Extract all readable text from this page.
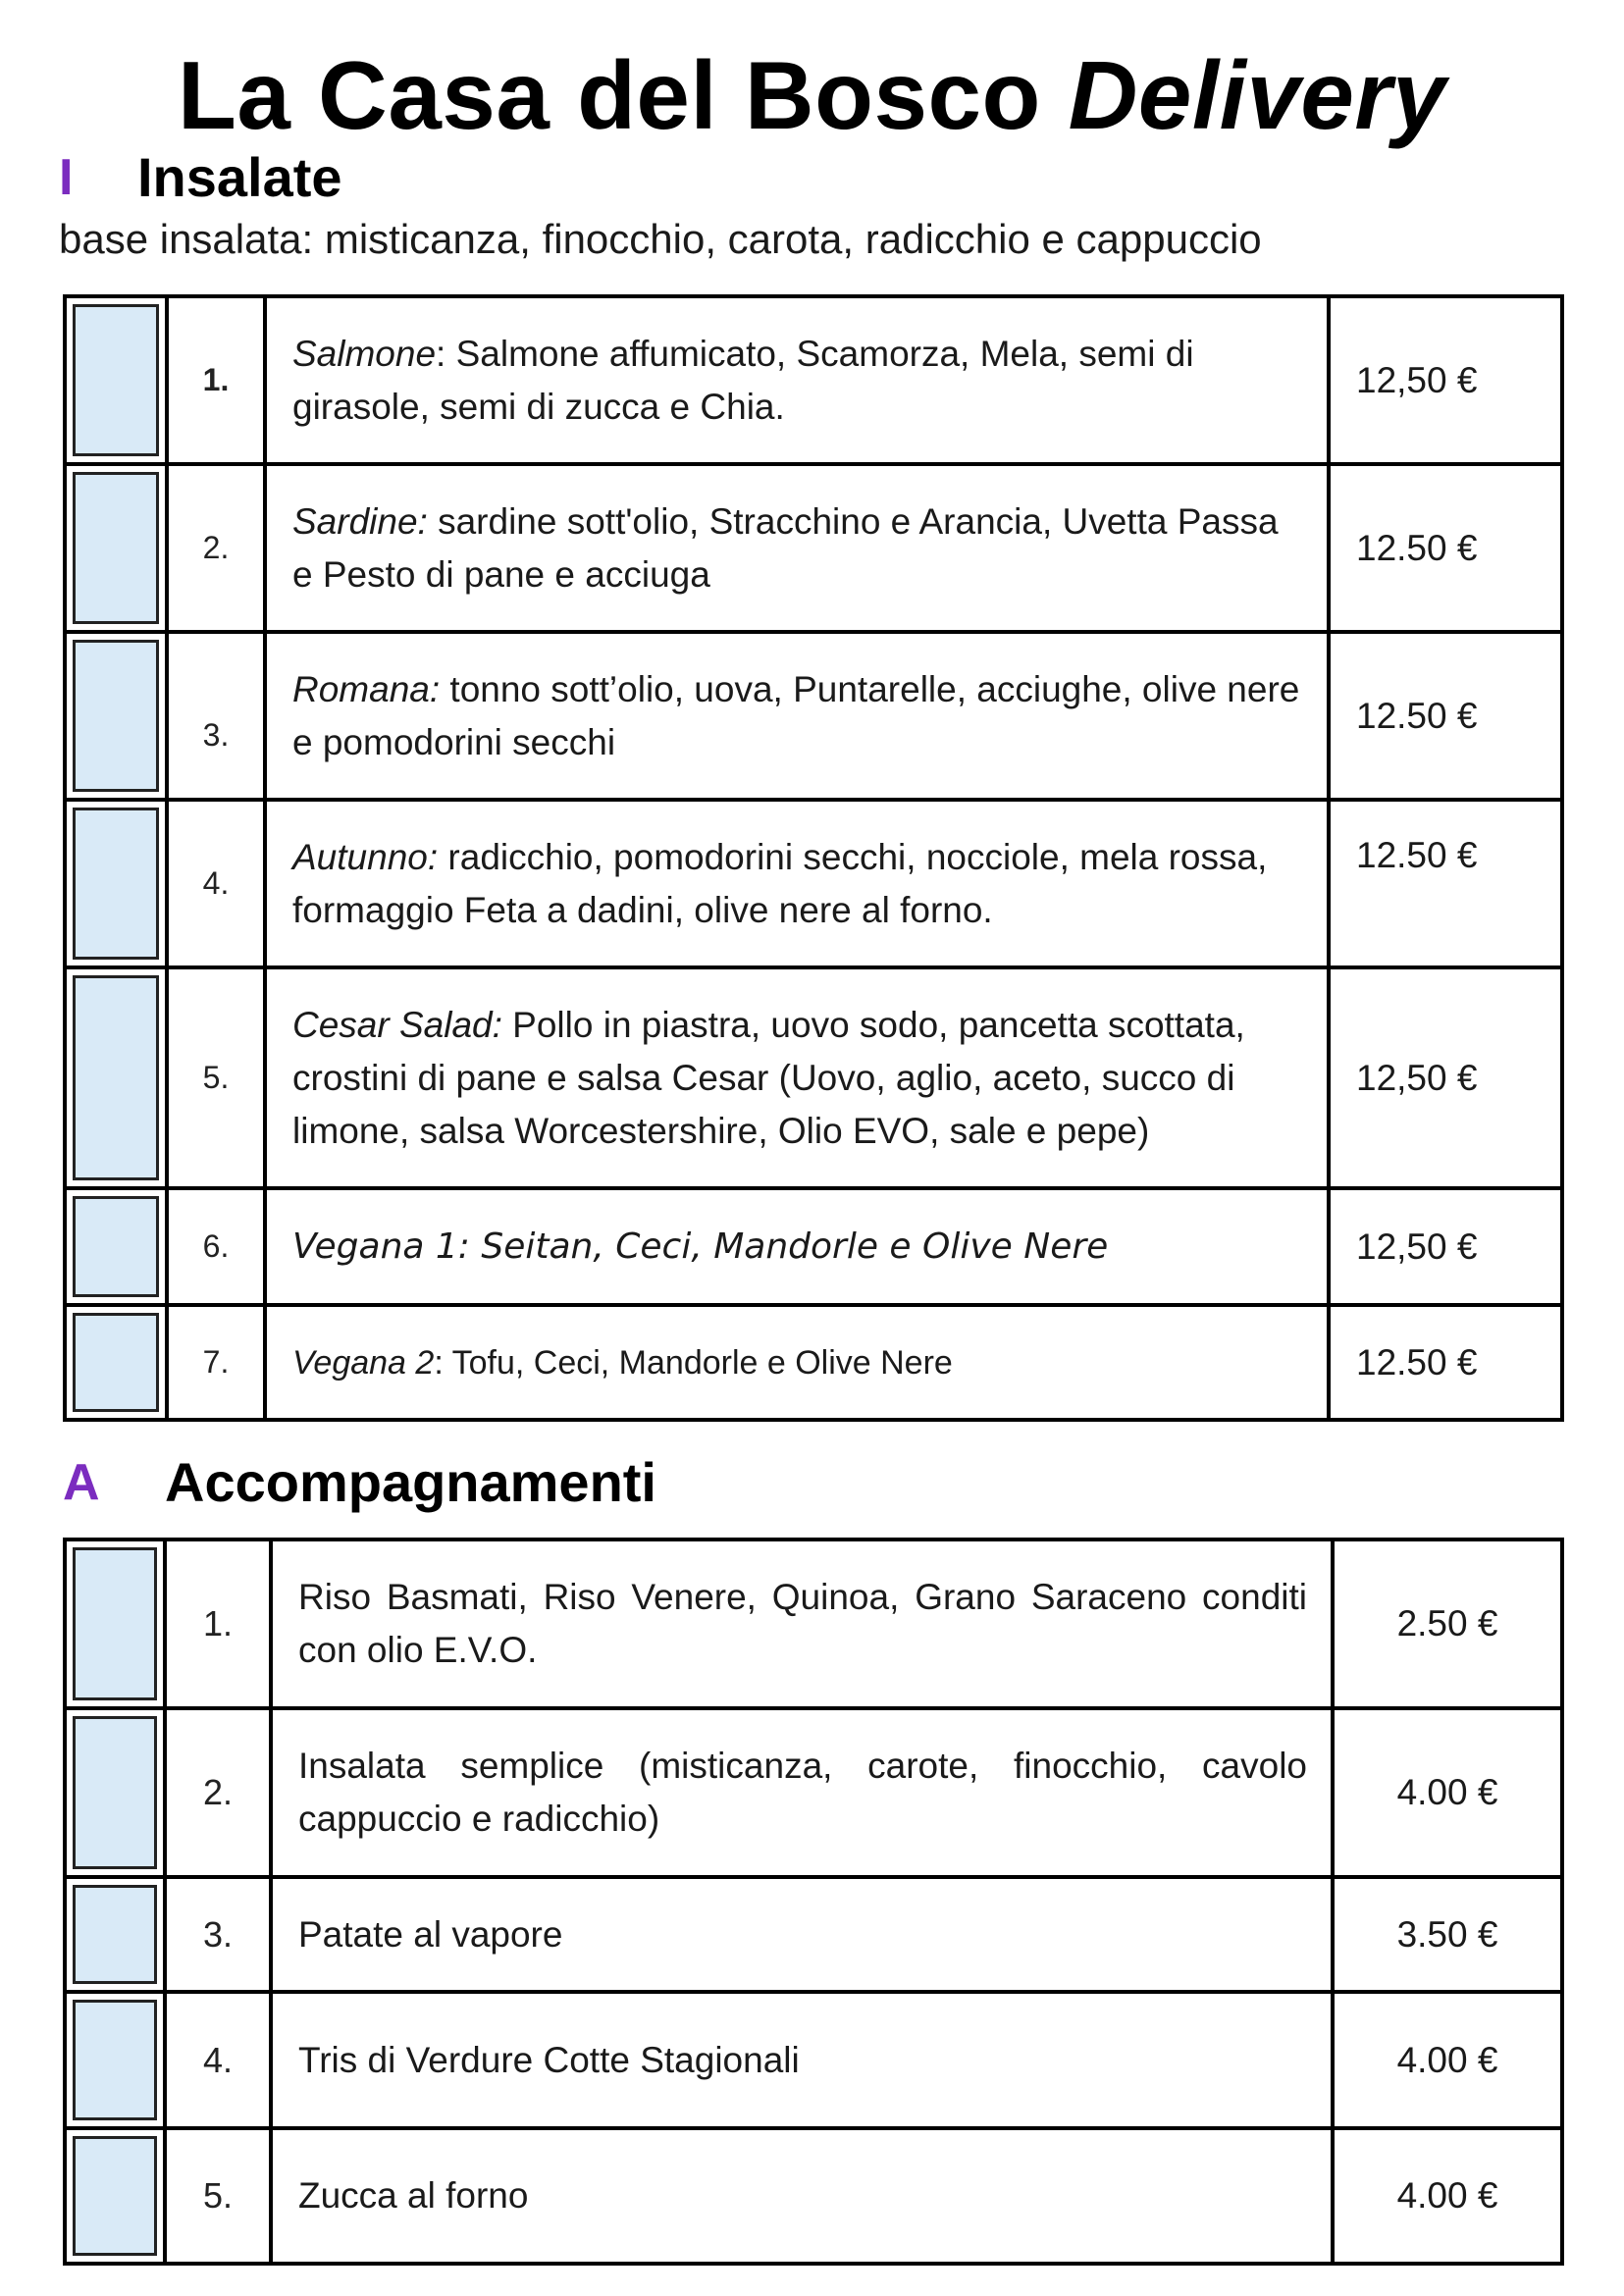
La Casa del Bosco Delivery
I	Insalate
base insalata: misticanza, finocchio, carota, radicchio e cappuccio
	1.	Salmone: Salmone affumicato, Scamorza, Mela, semi di girasole, semi di zucca e Chia.	12,50 €

	2.	Sardine: sardine sott'olio, Stracchino e Arancia, Uvetta Passa e Pesto di pane e acciuga	12.50 €

	3.	Romana: tonno sott’olio, uova, Puntarelle, acciughe, olive nere e pomodorini secchi	12.50 €

	4.	Autunno: radicchio, pomodorini secchi, nocciole, mela rossa, formaggio Feta a dadini, olive nere al forno.	12.50 €

	5.	Cesar Salad: Pollo in piastra, uovo sodo, pancetta scottata, crostini di pane e salsa Cesar (Uovo, aglio, aceto, succo di limone, salsa Worcestershire, Olio EVO, sale e pepe)	12,50 €

	6.	Vegana 1: Seitan, Ceci, Mandorle e Olive Nere	12,50 €

	7.	Vegana 2: Tofu, Ceci, Mandorle e Olive Nere	12.50 €
A	Accompagnamenti
	1.	Riso Basmati, Riso Venere, Quinoa, Grano Saraceno conditi con olio E.V.O.	2.50 €

	2.	Insalata semplice (misticanza, carote, finocchio, cavolo cappuccio e radicchio)	4.00 €

	3.	Patate al vapore	3.50 €

	4.	Tris di Verdure Cotte Stagionali	4.00 €

	5.	Zucca al forno	4.00 €
